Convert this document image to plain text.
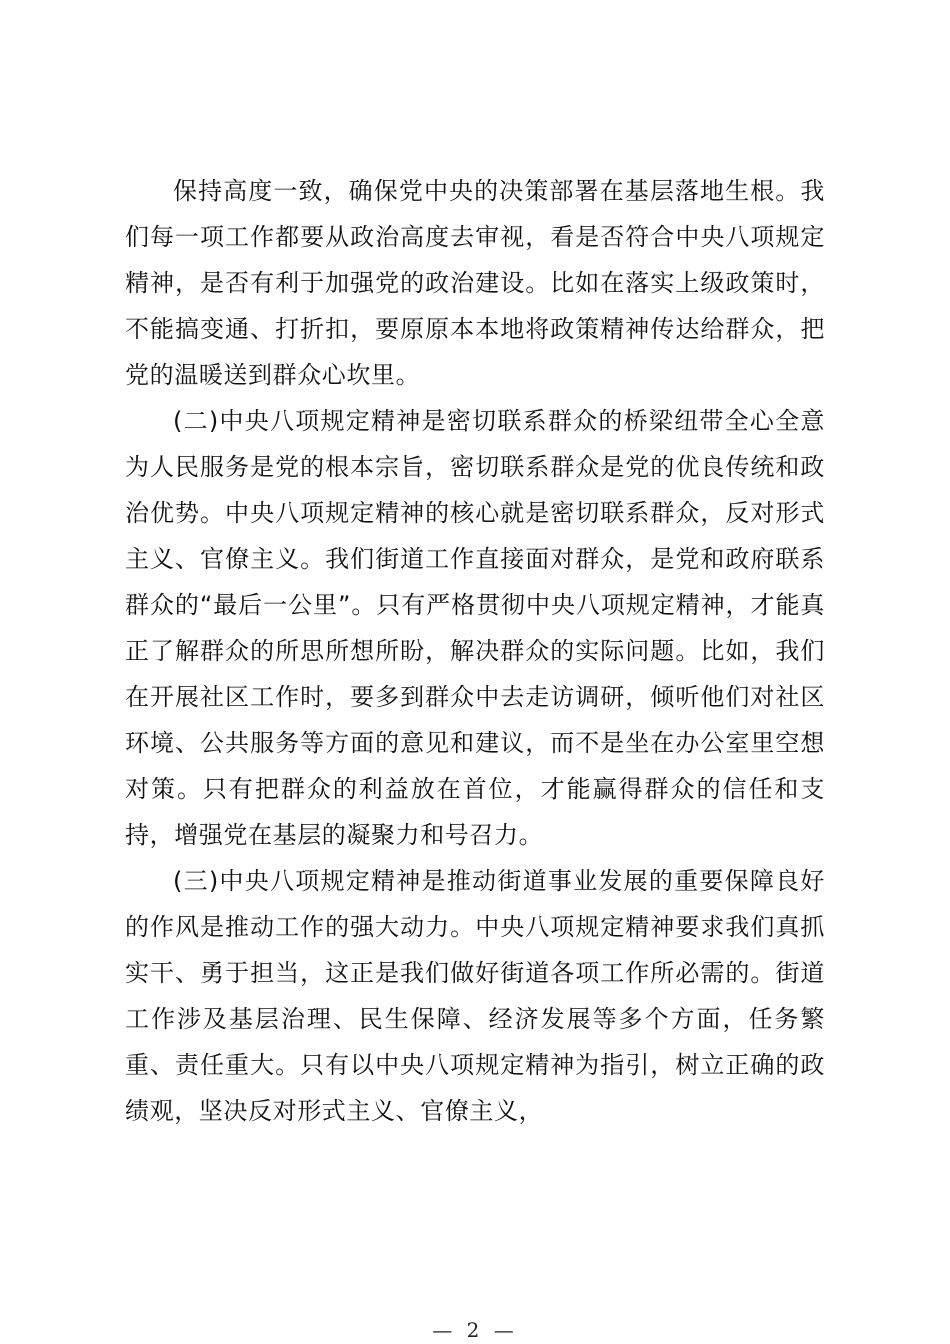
保持高度一致，确保党中央的决策部署在基层落地生根。我们每一项工作都要从政治高度去审视，看是否符合中央八项规定精神，是否有利于加强党的政治建设。比如在落实上级政策时，不能搞变通、打折扣，要原原本本地将政策精神传达给群众，把党的温暖送到群众心坎里。

(二)中央八项规定精神是密切联系群众的桥梁纽带全心全意为人民服务是党的根本宗旨，密切联系群众是党的优良传统和政治优势。中央八项规定精神的核心就是密切联系群众，反对形式主义、官僚主义。我们街道工作直接面对群众，是党和政府联系群众的“最后一公里”。只有严格贯彻中央八项规定精神，才能真正了解群众的所思所想所盼，解决群众的实际问题。比如，我们在开展社区工作时，要多到群众中去走访调研，倾听他们对社区环境、公共服务等方面的意见和建议，而不是坐在办公室里空想对策。只有把群众的利益放在首位，才能赢得群众的信任和支持，增强党在基层的凝聚力和号召力。

(三)中央八项规定精神是推动街道事业发展的重要保障良好的作风是推动工作的强大动力。中央八项规定精神要求我们真抓实干、勇于担当，这正是我们做好街道各项工作所必需的。街道工作涉及基层治理、民生保障、经济发展等多个方面，任务繁重、责任重大。只有以中央八项规定精神为指引，树立正确的政绩观，坚决反对形式主义、官僚主义，

— 2 —
